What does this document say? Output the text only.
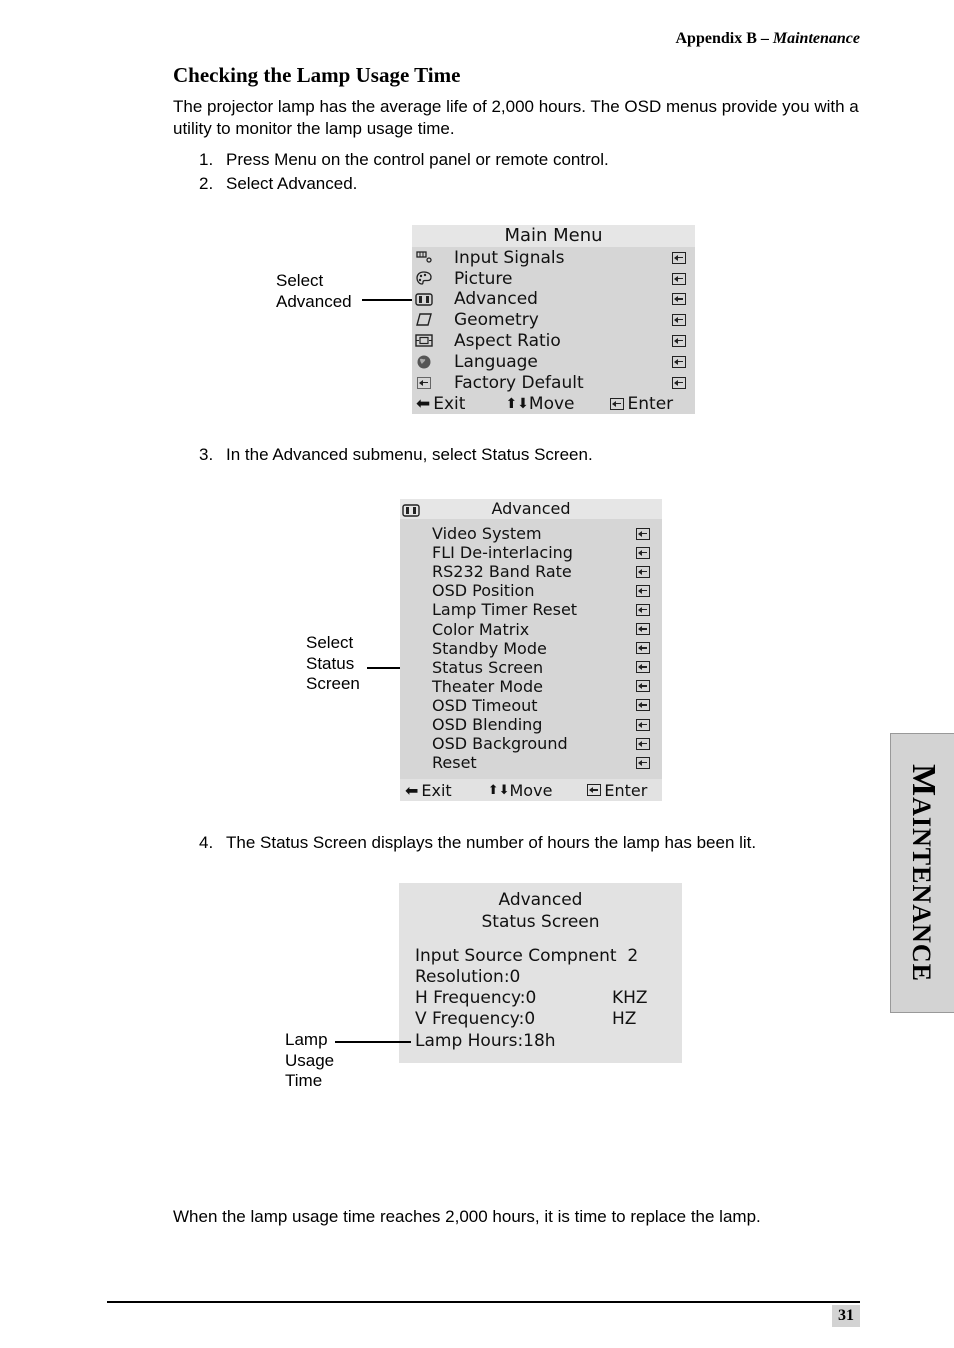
Appendix B – Maintenance
Checking the Lamp Usage Time
The projector lamp has the average life of 2,000 hours. The OSD menus provide you with a utility to monitor the lamp usage time.
1. Press Menu on the control panel or remote control.
2. Select Advanced.
Select
Advanced
Main Menu
Input Signals
Picture
Advanced
Geometry
Aspect Ratio
Language
Factory Default
⬅ Exit	⬆⬇ Move	Enter
3. In the Advanced submenu, select Status Screen.
Select
Status
Screen
Advanced
Video System
FLI De-interlacing
RS232 Band Rate
OSD Position
Lamp Timer Reset
Color Matrix
Standby Mode
Status Screen
Theater Mode
OSD Timeout
OSD Blending
OSD Background
Reset
⬅ Exit	⬆⬇ Move	Enter
4. The Status Screen displays the number of hours the lamp has been lit.
Advanced
Status Screen
Input Source Compnent  2
Resolution:0
H Frequency:0	KHZ
V Frequency:0	HZ
Lamp Hours:18h
Lamp
Usage
Time
When the lamp usage time reaches 2,000 hours, it is time to replace the lamp.
MAINTENANCE
31
